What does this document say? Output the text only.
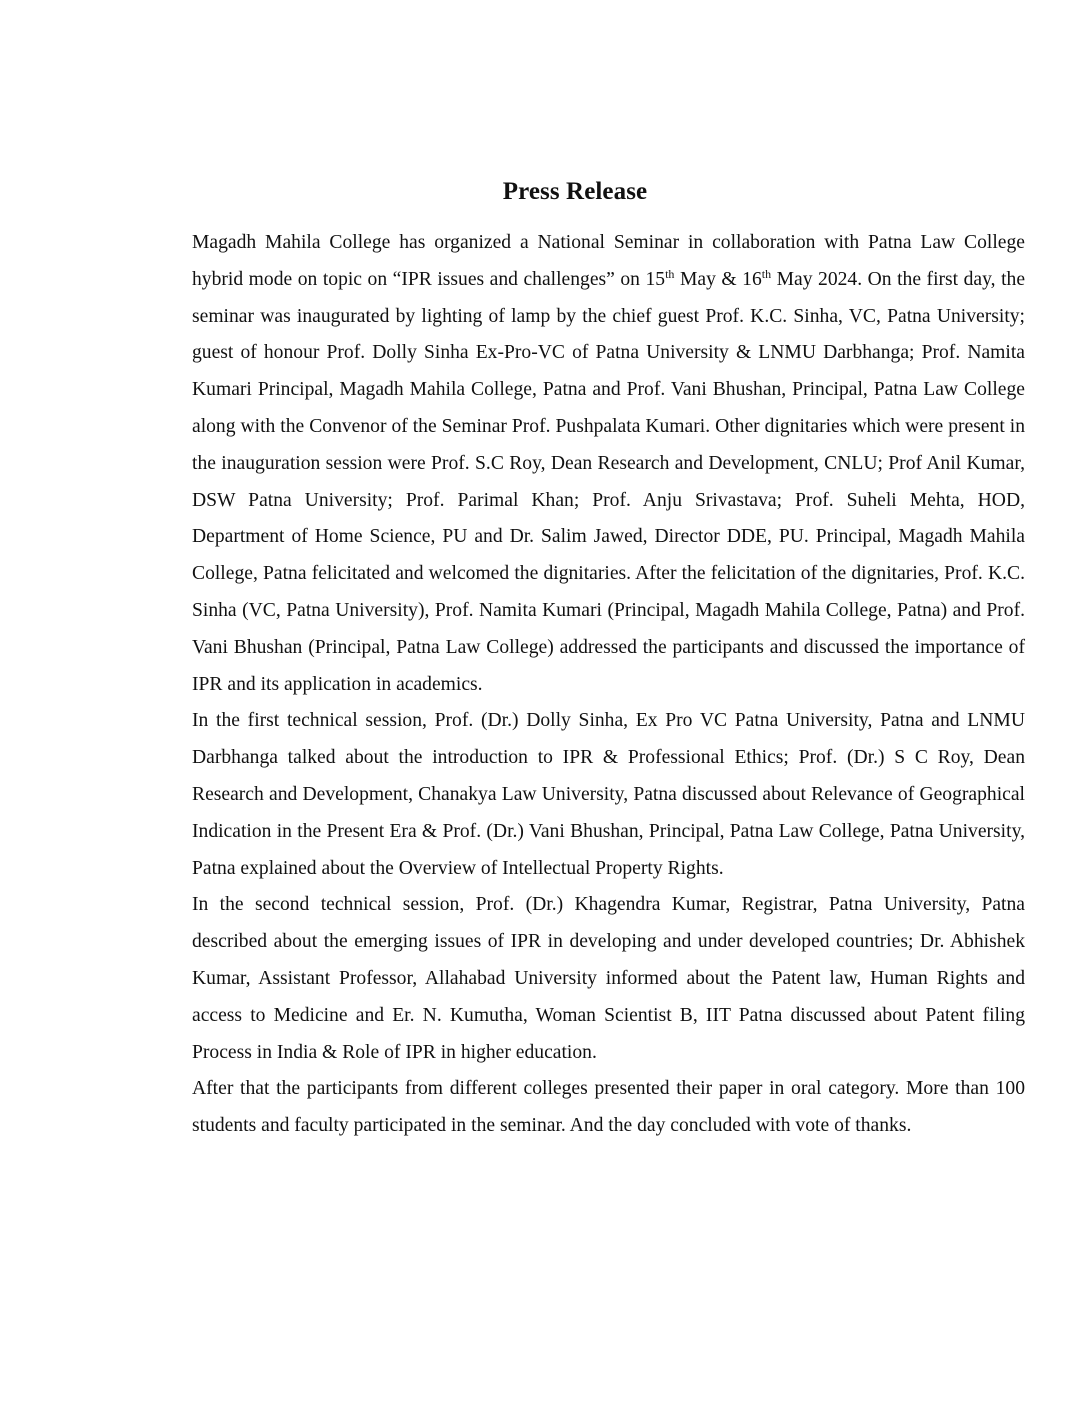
Press Release

Magadh Mahila College has organized a National Seminar in collaboration with Patna Law College hybrid mode on topic on “IPR issues and challenges” on 15th May & 16th May 2024. On the first day, the seminar was inaugurated by lighting of lamp by the chief guest Prof. K.C. Sinha, VC, Patna University; guest of honour Prof. Dolly Sinha Ex-Pro-VC of Patna University & LNMU Darbhanga; Prof. Namita Kumari Principal, Magadh Mahila College, Patna and Prof. Vani Bhushan, Principal, Patna Law College along with the Convenor of the Seminar Prof. Pushpalata Kumari. Other dignitaries which were present in the inauguration session were Prof. S.C Roy, Dean Research and Development, CNLU; Prof Anil Kumar, DSW Patna University; Prof. Parimal Khan; Prof. Anju Srivastava; Prof. Suheli Mehta, HOD, Department of Home Science, PU and Dr. Salim Jawed, Director DDE, PU. Principal, Magadh Mahila College, Patna felicitated and welcomed the dignitaries. After the felicitation of the dignitaries, Prof. K.C. Sinha (VC, Patna University), Prof. Namita Kumari (Principal, Magadh Mahila College, Patna) and Prof. Vani Bhushan (Principal, Patna Law College) addressed the participants and discussed the importance of IPR and its application in academics.

In the first technical session, Prof. (Dr.) Dolly Sinha, Ex Pro VC Patna University, Patna and LNMU Darbhanga talked about the introduction to IPR & Professional Ethics; Prof. (Dr.) S C Roy, Dean Research and Development, Chanakya Law University, Patna discussed about Relevance of Geographical Indication in the Present Era & Prof. (Dr.) Vani Bhushan, Principal, Patna Law College, Patna University, Patna explained about the Overview of Intellectual Property Rights.

In the second technical session, Prof. (Dr.) Khagendra Kumar, Registrar, Patna University, Patna described about the emerging issues of IPR in developing and under developed countries; Dr. Abhishek Kumar, Assistant Professor, Allahabad University informed about the Patent law, Human Rights and access to Medicine and Er. N. Kumutha, Woman Scientist B, IIT Patna discussed about Patent filing Process in India & Role of IPR in higher education.

After that the participants from different colleges presented their paper in oral category. More than 100 students and faculty participated in the seminar. And the day concluded with vote of thanks.
